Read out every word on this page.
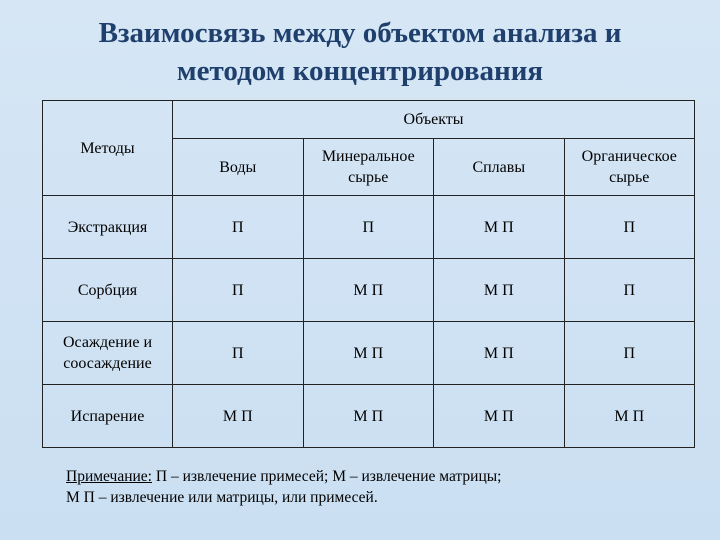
Взаимосвязь между объектом анализа и
методом концентрирования
Методы	Объекты			
	Воды	Минеральное сырье	Сплавы	Органическое сырье
Экстракция	П	П	М П	П
Сорбция	П	М П	М П	П
Осаждение и соосаждение	П	М П	М П	П
Испарение	М П	М П	М П	М П
Примечание: П – извлечение примесей; М – извлечение матрицы;
М П – извлечение или матрицы, или примесей.
